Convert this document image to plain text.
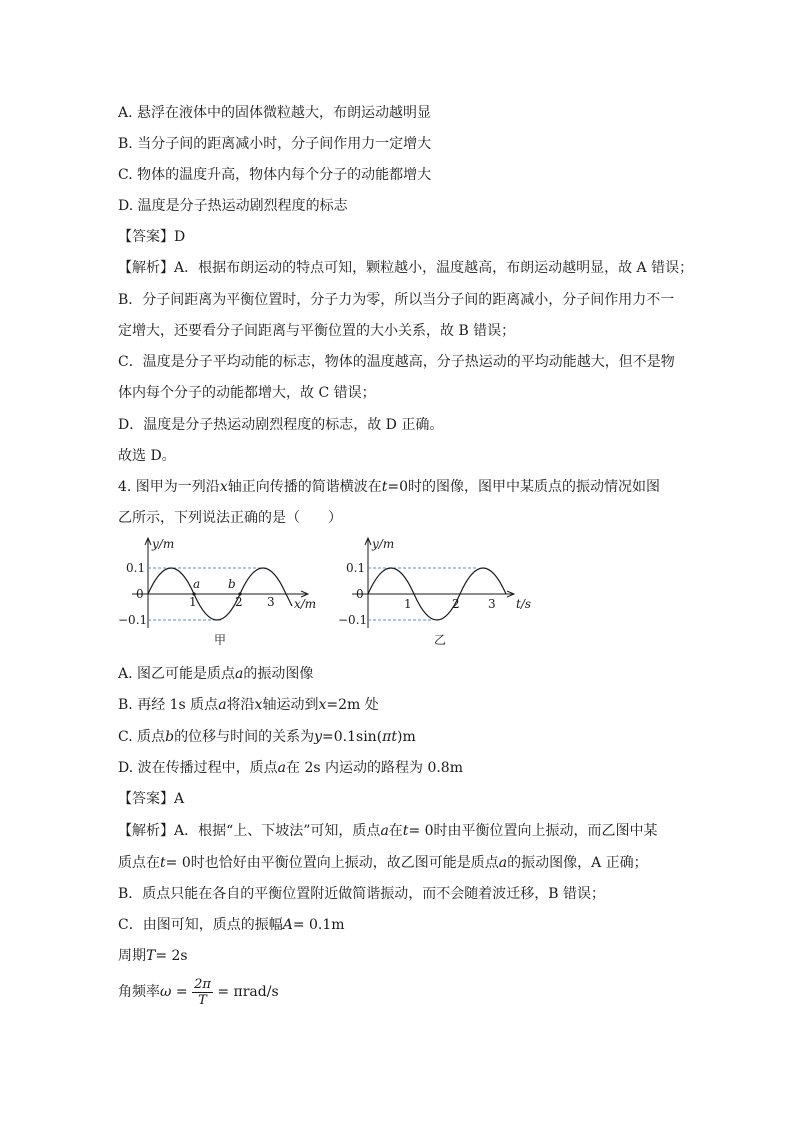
A. 悬浮在液体中的固体微粒越大，布朗运动越明显
B. 当分子间的距离减小时，分子间作用力一定增大
C. 物体的温度升高，物体内每个分子的动能都增大
D. 温度是分子热运动剧烈程度的标志
【答案】D
【解析】A．根据布朗运动的特点可知，颗粒越小，温度越高，布朗运动越明显，故 A 错误；
B．分子间距离为平衡位置时，分子力为零，所以当分子间的距离减小，分子间作用力不一
定增大，还要看分子间距离与平衡位置的大小关系，故 B 错误；
C．温度是分子平均动能的标志，物体的温度越高，分子热运动的平均动能越大，但不是物
体内每个分子的动能都增大，故 C 错误；
D．温度是分子热运动剧烈程度的标志，故 D 正确。
故选 D。
4. 图甲为一列沿x轴正向传播的简谐横波在t=0时的图像，图甲中某质点的振动情况如图
乙所示，下列说法正确的是（　　）
y/m
0.1
0
−0.1
1	2 3
a b
x/m
甲
y/m
0.1
0
−0.1
1	2 3 t/s
乙
A. 图乙可能是质点a的振动图像
B. 再经 1s 质点a将沿x轴运动到x=2m 处
C. 质点b的位移与时间的关系为y=0.1sin(πt)m
D. 波在传播过程中，质点a在 2s 内运动的路程为 0.8m
【答案】A
【解析】A．根据“上、下坡法”可知，质点a在t= 0时由平衡位置向上振动，而乙图中某
质点在t= 0时也恰好由平衡位置向上振动，故乙图可能是质点a的振动图像，A 正确；
B．质点只能在各自的平衡位置附近做简谐振动，而不会随着波迁移，B 错误；
C．由图可知，质点的振幅A= 0.1m
周期T= 2s
角频率$\omega = \frac{2\pi}{T} = \pi rad/s$
